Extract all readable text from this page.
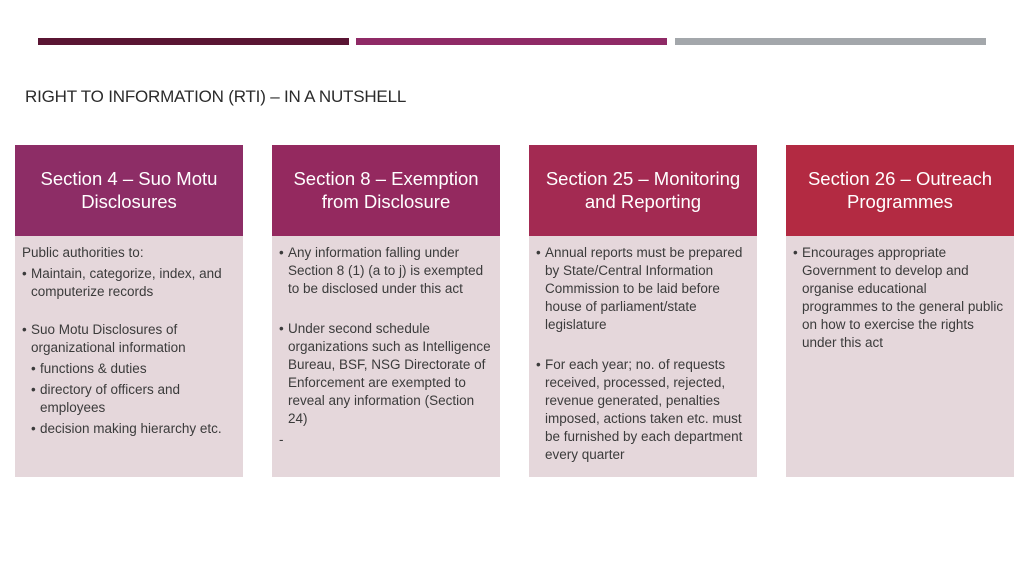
RIGHT TO INFORMATION (RTI) – IN A NUTSHELL
Section 4 – Suo Motu Disclosures

Public authorities to:

• Maintain, categorize, index, and computerize records

• Suo Motu Disclosures of organizational information

• functions & duties

• directory of officers and employees

• decision making hierarchy etc.

Section 8 – Exemption from Disclosure

• Any information falling under Section 8 (1) (a to j) is exempted to be disclosed under this act

• Under second schedule organizations such as Intelligence Bureau, BSF, NSG Directorate of Enforcement are exempted to reveal any information (Section 24)

-

Section 25 – Monitoring and Reporting

• Annual reports must be prepared by State/Central Information Commission to be laid before house of parliament/state legislature

• For each year; no. of requests received, processed, rejected, revenue generated, penalties imposed, actions taken etc. must be furnished by each department every quarter

Section 26 – Outreach Programmes

• Encourages appropriate Government to develop and organise educational programmes to the general public on how to exercise the rights under this act
